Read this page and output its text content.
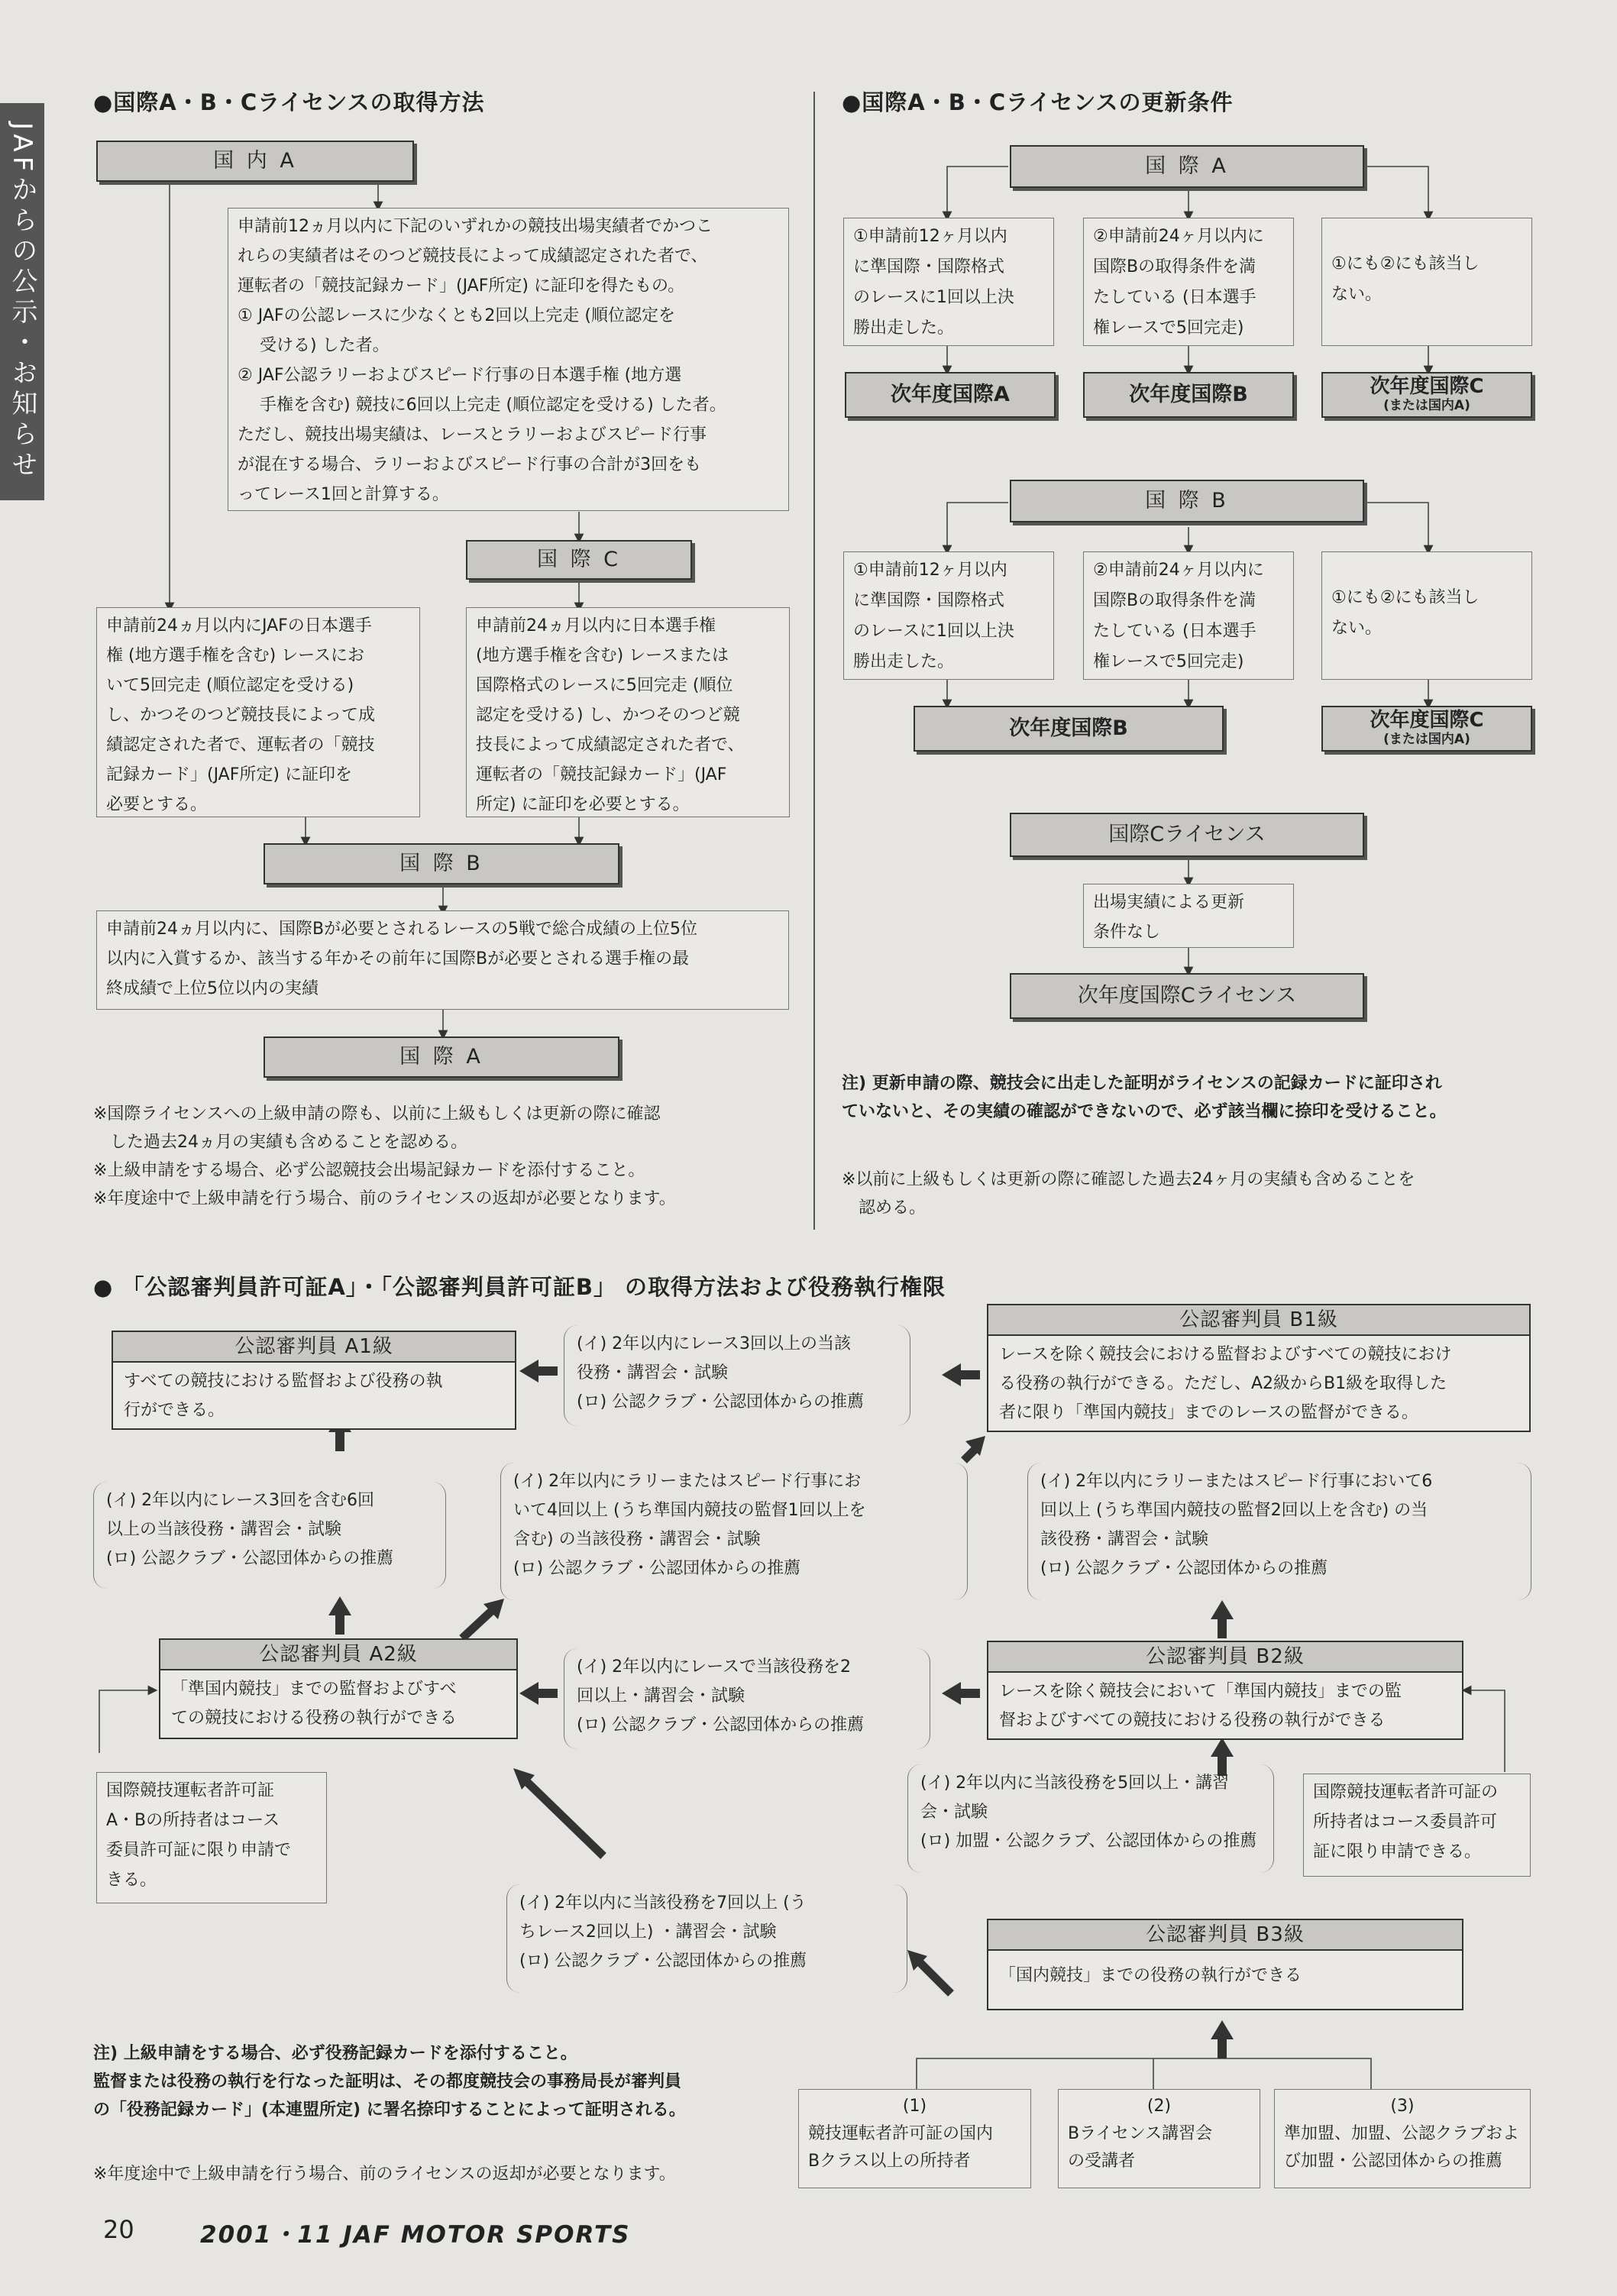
JAFからの公示・お知らせ
●国際A・B・Cライセンスの取得方法
国 内 A
申請前12ヵ月以内に下記のいずれかの競技出場実績者でかつこ
れらの実績者はそのつど競技長によって成績認定された者で、
運転者の「競技記録カード」(JAF所定) に証印を得たもの。
① JAFの公認レースに少なくとも2回以上完走 (順位認定を
　 受ける) した者。
② JAF公認ラリーおよびスピード行事の日本選手権 (地方選
　 手権を含む) 競技に6回以上完走 (順位認定を受ける) した者。
ただし、競技出場実績は、レースとラリーおよびスピード行事
が混在する場合、ラリーおよびスピード行事の合計が3回をも
ってレース1回と計算する。
国 際 C
申請前24ヵ月以内にJAFの日本選手
権 (地方選手権を含む) レースにお
いて5回完走 (順位認定を受ける)
し、かつそのつど競技長によって成
績認定された者で、運転者の「競技
記録カード」(JAF所定) に証印を
必要とする。
申請前24ヵ月以内に日本選手権
(地方選手権を含む) レースまたは
国際格式のレースに5回完走 (順位
認定を受ける) し、かつそのつど競
技長によって成績認定された者で、
運転者の「競技記録カード」(JAF
所定) に証印を必要とする。
国 際 B
申請前24ヵ月以内に、国際Bが必要とされるレースの5戦で総合成績の上位5位
以内に入賞するか、該当する年かその前年に国際Bが必要とされる選手権の最
終成績で上位5位以内の実績
国 際 A
※国際ライセンスへの上級申請の際も、以前に上級もしくは更新の際に確認
　した過去24ヵ月の実績も含めることを認める。
※上級申請をする場合、必ず公認競技会出場記録カードを添付すること。
※年度途中で上級申請を行う場合、前のライセンスの返却が必要となります。
●国際A・B・Cライセンスの更新条件
国 際 A
①申請前12ヶ月以内
に準国際・国際格式
のレースに1回以上決
勝出走した。
②申請前24ヶ月以内に
国際Bの取得条件を満
たしている (日本選手
権レースで5回完走)
①にも②にも該当し
ない。
次年度国際A	次年度国際B	次年度国際C
(または国内A)
国 際 B
①申請前12ヶ月以内
に準国際・国際格式
のレースに1回以上決
勝出走した。
②申請前24ヶ月以内に
国際Bの取得条件を満
たしている (日本選手
権レースで5回完走)
①にも②にも該当し
ない。
次年度国際B	次年度国際C
(または国内A)
国際Cライセンス
出場実績による更新
条件なし
次年度国際Cライセンス
注) 更新申請の際、競技会に出走した証明がライセンスの記録カードに証印され
ていないと、その実績の確認ができないので、必ず該当欄に捺印を受けること。
※以前に上級もしくは更新の際に確認した過去24ヶ月の実績も含めることを
　認める。
● 「公認審判員許可証A」・「公認審判員許可証B」 の取得方法および役務執行権限
公認審判員 A1級
すべての競技における監督および役務の執
行ができる。
公認審判員 B1級
レースを除く競技会における監督およびすべての競技におけ
る役務の執行ができる。ただし、A2級からB1級を取得した
者に限り「準国内競技」までのレースの監督ができる。
(イ) 2年以内にレース3回以上の当該
役務・講習会・試験
(ロ) 公認クラブ・公認団体からの推薦
(イ) 2年以内にレース3回を含む6回
以上の当該役務・講習会・試験
(ロ) 公認クラブ・公認団体からの推薦
(イ) 2年以内にラリーまたはスピード行事にお
いて4回以上 (うち準国内競技の監督1回以上を
含む) の当該役務・講習会・試験
(ロ) 公認クラブ・公認団体からの推薦
(イ) 2年以内にラリーまたはスピード行事において6
回以上 (うち準国内競技の監督2回以上を含む) の当
該役務・講習会・試験
(ロ) 公認クラブ・公認団体からの推薦
公認審判員 A2級
「準国内競技」までの監督およびすべ
ての競技における役務の執行ができる
(イ) 2年以内にレースで当該役務を2
回以上・講習会・試験
(ロ) 公認クラブ・公認団体からの推薦
公認審判員 B2級
レースを除く競技会において「準国内競技」までの監
督およびすべての競技における役務の執行ができる
国際競技運転者許可証
A・Bの所持者はコース
委員許可証に限り申請で
きる。
(イ) 2年以内に当該役務を5回以上・講習
会・試験
(ロ) 加盟・公認クラブ、公認団体からの推薦
国際競技運転者許可証の
所持者はコース委員許可
証に限り申請できる。
(イ) 2年以内に当該役務を7回以上 (う
ちレース2回以上) ・講習会・試験
(ロ) 公認クラブ・公認団体からの推薦
公認審判員 B3級
「国内競技」までの役務の執行ができる
注) 上級申請をする場合、必ず役務記録カードを添付すること。
監督または役務の執行を行なった証明は、その都度競技会の事務局長が審判員
の「役務記録カード」(本連盟所定) に署名捺印することによって証明される。
※年度途中で上級申請を行う場合、前のライセンスの返却が必要となります。
(1)
競技運転者許可証の国内
Bクラス以上の所持者
(2)
Bライセンス講習会
の受講者
(3)
準加盟、加盟、公認クラブおよ
び加盟・公認団体からの推薦
20	2001・11 JAF MOTOR SPORTS
